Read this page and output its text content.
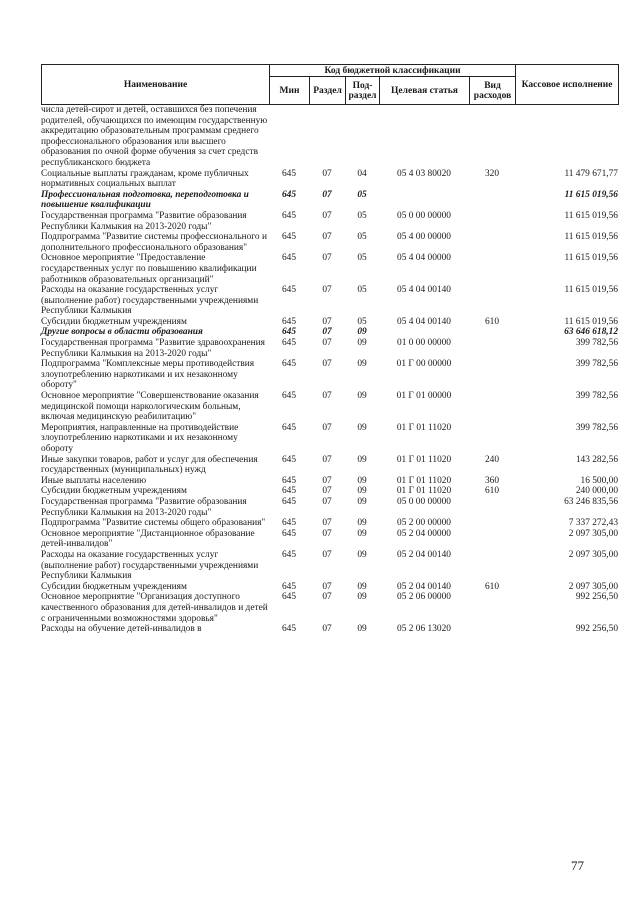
Наименование	Код бюджетной классификации					Кассовое исполнение
	Мин	Раздел	Под-раздел	Целевая статья	Вид расходов	
числа детей-сирот и детей, оставшихся без попечения родителей, обучающихся по имеющим государственную аккредитацию образовательным программам среднего профессионального образования или высшего образования по очной форме обучения за счет средств республиканского бюджета						
Социальные выплаты гражданам, кроме публичных нормативных социальных выплат	645	07	04	05 4 03 80020	320	11 479 671,77
Профессиональная подготовка, переподготовка и повышение квалификации	645	07	05			11 615 019,56
Государственная программа "Развитие образования Республики Калмыкия на 2013-2020 годы"	645	07	05	05 0 00 00000		11 615 019,56
Подпрограмма "Развитие системы профессионального и дополнительного профессионального образования"	645	07	05	05 4 00 00000		11 615 019,56
Основное мероприятие "Предоставление государственных услуг по повышению квалификации работников образовательных организаций"	645	07	05	05 4 04 00000		11 615 019,56
Расходы на оказание государственных услуг (выполнение работ) государственными учреждениями Республики Калмыкия	645	07	05	05 4 04 00140		11 615 019,56
Субсидии бюджетным учреждениям	645	07	05	05 4 04 00140	610	11 615 019,56
Другие вопросы в области образования	645	07	09			63 646 618,12
Государственная программа "Развитие здравоохранения Республики Калмыкия на 2013-2020 годы"	645	07	09	01 0 00 00000		399 782,56
Подпрограмма "Комплексные меры противодействия злоупотреблению наркотиками и их незаконному обороту"	645	07	09	01 Г 00 00000		399 782,56
Основное мероприятие "Совершенствование оказания медицинской помощи наркологическим больным, включая медицинскую реабилитацию"	645	07	09	01 Г 01 00000		399 782,56
Мероприятия, направленные на противодействие злоупотреблению наркотиками и их незаконному обороту	645	07	09	01 Г 01 11020		399 782,56
Иные закупки товаров, работ и услуг для обеспечения государственных (муниципальных) нужд	645	07	09	01 Г 01 11020	240	143 282,56
Иные выплаты населению	645	07	09	01 Г 01 11020	360	16 500,00
Субсидии бюджетным учреждениям	645	07	09	01 Г 01 11020	610	240 000,00
Государственная программа "Развитие образования Республики Калмыкия на 2013-2020 годы"	645	07	09	05 0 00 00000		63 246 835,56
Подпрограмма "Развитие системы общего образования"	645	07	09	05 2 00 00000		7 337 272,43
Основное мероприятие "Дистанционное образование детей-инвалидов"	645	07	09	05 2 04 00000		2 097 305,00
Расходы на оказание государственных услуг (выполнение работ) государственными учреждениями Республики Калмыкия	645	07	09	05 2 04 00140		2 097 305,00
Субсидии бюджетным учреждениям	645	07	09	05 2 04 00140	610	2 097 305,00
Основное мероприятие "Организация доступного качественного образования для детей-инвалидов и детей с ограниченными возможностями здоровья"	645	07	09	05 2 06 00000		992 256,50
Расходы на обучение детей-инвалидов в	645	07	09	05 2 06 13020		992 256,50
77
